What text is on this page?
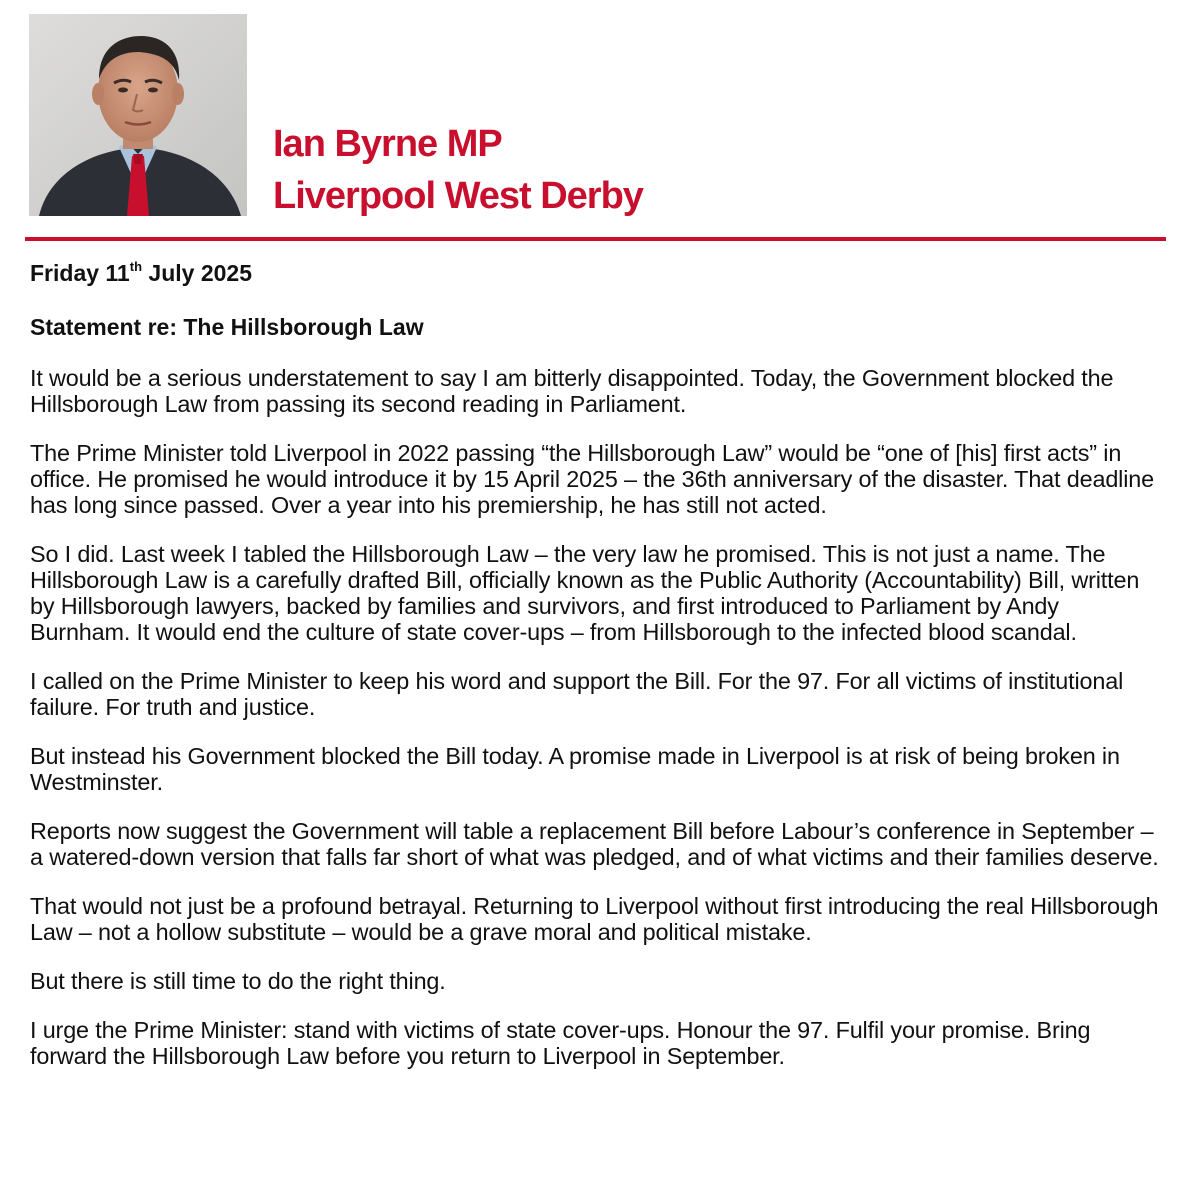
Ian Byrne MP
Liverpool West Derby

Friday 11th July 2025

Statement re: The Hillsborough Law

It would be a serious understatement to say I am bitterly disappointed. Today, the Government blocked the Hillsborough Law from passing its second reading in Parliament.

The Prime Minister told Liverpool in 2022 passing “the Hillsborough Law” would be “one of [his] first acts” in office. He promised he would introduce it by 15 April 2025 – the 36th anniversary of the disaster. That deadline has long since passed. Over a year into his premiership, he has still not acted.

So I did. Last week I tabled the Hillsborough Law – the very law he promised. This is not just a name. The Hillsborough Law is a carefully drafted Bill, officially known as the Public Authority (Accountability) Bill, written by Hillsborough lawyers, backed by families and survivors, and first introduced to Parliament by Andy Burnham. It would end the culture of state cover-ups – from Hillsborough to the infected blood scandal.

I called on the Prime Minister to keep his word and support the Bill. For the 97. For all victims of institutional failure. For truth and justice.

But instead his Government blocked the Bill today. A promise made in Liverpool is at risk of being broken in Westminster.

Reports now suggest the Government will table a replacement Bill before Labour’s conference in September – a watered-down version that falls far short of what was pledged, and of what victims and their families deserve.

That would not just be a profound betrayal. Returning to Liverpool without first introducing the real Hillsborough Law – not a hollow substitute – would be a grave moral and political mistake.

But there is still time to do the right thing.

I urge the Prime Minister: stand with victims of state cover-ups. Honour the 97. Fulfil your promise. Bring forward the Hillsborough Law before you return to Liverpool in September.
